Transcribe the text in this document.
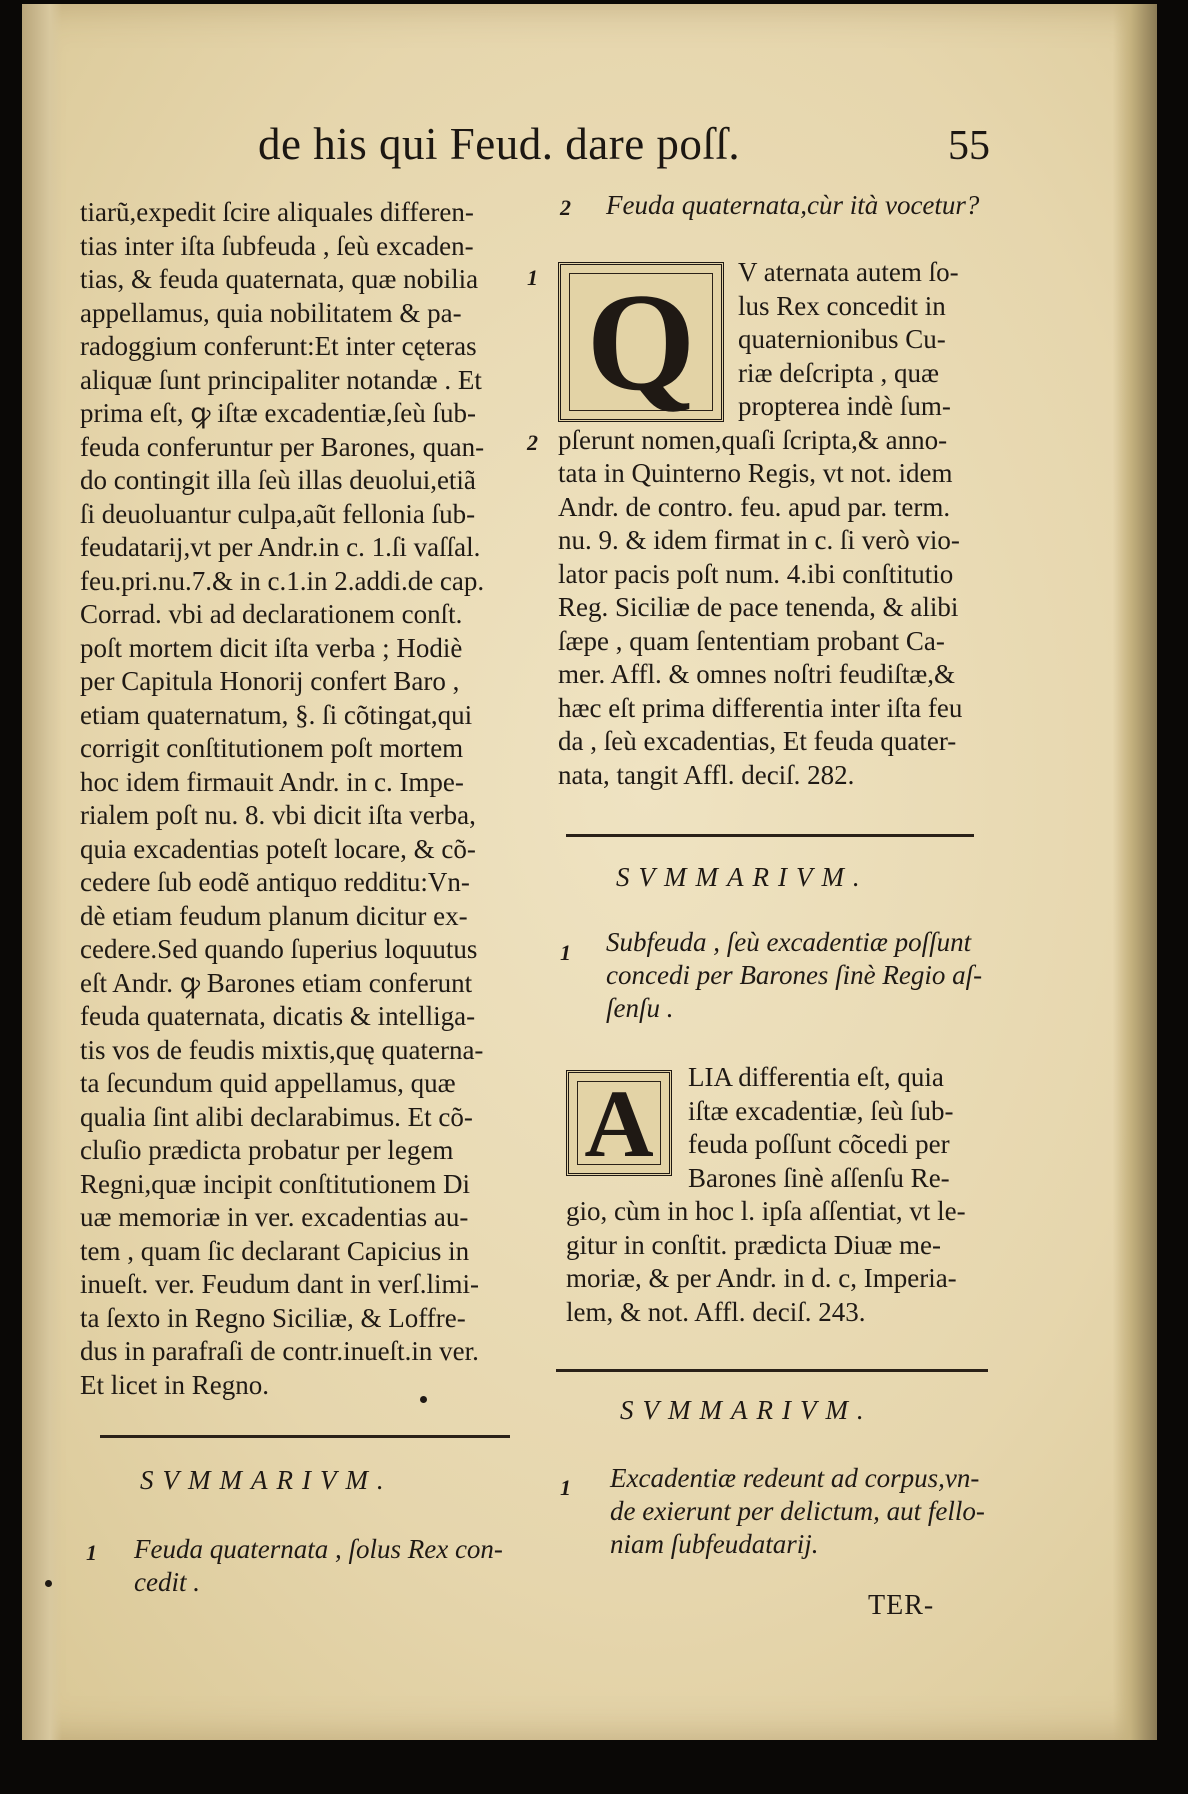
de his qui Feud. dare poſſ.	55
tiarũ,expedit ſcire aliquales differen-
tias inter iſta ſubfeuda , ſeù excaden-
tias, & feuda quaternata, quæ nobilia
appellamus, quia nobilitatem & pa-
radoggium conferunt:Et inter cęteras
aliquæ ſunt principaliter notandæ . Et
prima eſt, ꝙ iſtæ excadentiæ,ſeù ſub-
feuda conferuntur per Barones, quan-
do contingit illa ſeù illas deuolui,etiã
ſi deuoluantur culpa,aũt fellonia ſub-
feudatarij,vt per Andr.in c. 1.ſi vaſſal.
feu.pri.nu.7.& in c.1.in 2.addi.de cap.
Corrad. vbi ad declarationem conſt.
poſt mortem dicit iſta verba ; Hodiè
per Capitula Honorij confert Baro ,
etiam quaternatum, §. ſi cõtingat,qui
corrigit conſtitutionem poſt mortem
hoc idem firmauit Andr. in c. Impe-
rialem poſt nu. 8. vbi dicit iſta verba,
quia excadentias poteſt locare, & cõ-
cedere ſub eodẽ antiquo redditu:Vn-
dè etiam feudum planum dicitur ex-
cedere.Sed quando ſuperius loquutus
eſt Andr. ꝙ Barones etiam conferunt
feuda quaternata, dicatis & intelliga-
tis vos de feudis mixtis,quę quaterna-
ta ſecundum quid appellamus, quæ
qualia ſint alibi declarabimus. Et cõ-
cluſio prædicta probatur per legem
Regni,quæ incipit conſtitutionem Di
uæ memoriæ in ver. excadentias au-
tem , quam ſic declarant Capicius in
inueſt. ver. Feudum dant in verſ.limi-
ta ſexto in Regno Siciliæ, & Loffre-
dus in parafraſi de contr.inueſt.in ver.
Et licet in Regno.
SVMMARIVM.
1 Feuda quaternata , ſolus Rex con-
cedit .
2 Feuda quaternata,cùr ità vocetur?
1
2
Q	V aternata autem ſo-
lus Rex concedit in
quaternionibus Cu-
riæ deſcripta , quæ
propterea indè ſum-
pſerunt nomen,quaſi ſcripta,& anno-
tata in Quinterno Regis, vt not. idem
Andr. de contro. feu. apud par. term.
nu. 9. & idem firmat in c. ſi verò vio-
lator pacis poſt num. 4.ibi conſtitutio
Reg. Siciliæ de pace tenenda, & alibi
ſæpe , quam ſententiam probant Ca-
mer. Affl. & omnes noſtri feudiſtæ,&
hæc eſt prima differentia inter iſta feu
da , ſeù excadentias, Et feuda quater-
nata, tangit Affl. deciſ. 282.
SVMMARIVM.
1 Subfeuda , ſeù excadentiæ poſſunt
concedi per Barones ſinè Regio aſ-
ſenſu .
A	LIA differentia eſt, quia
iſtæ excadentiæ, ſeù ſub-
feuda poſſunt cõcedi per
Barones ſinè aſſenſu Re-
gio, cùm in hoc l. ipſa aſſentiat, vt le-
gitur in conſtit. prædicta Diuæ me-
moriæ, & per Andr. in d. c, Imperia-
lem, & not. Affl. deciſ. 243.
SVMMARIVM.
1 Excadentiæ redeunt ad corpus,vn-
de exierunt per delictum, aut fello-
niam ſubfeudatarij.
TER-
